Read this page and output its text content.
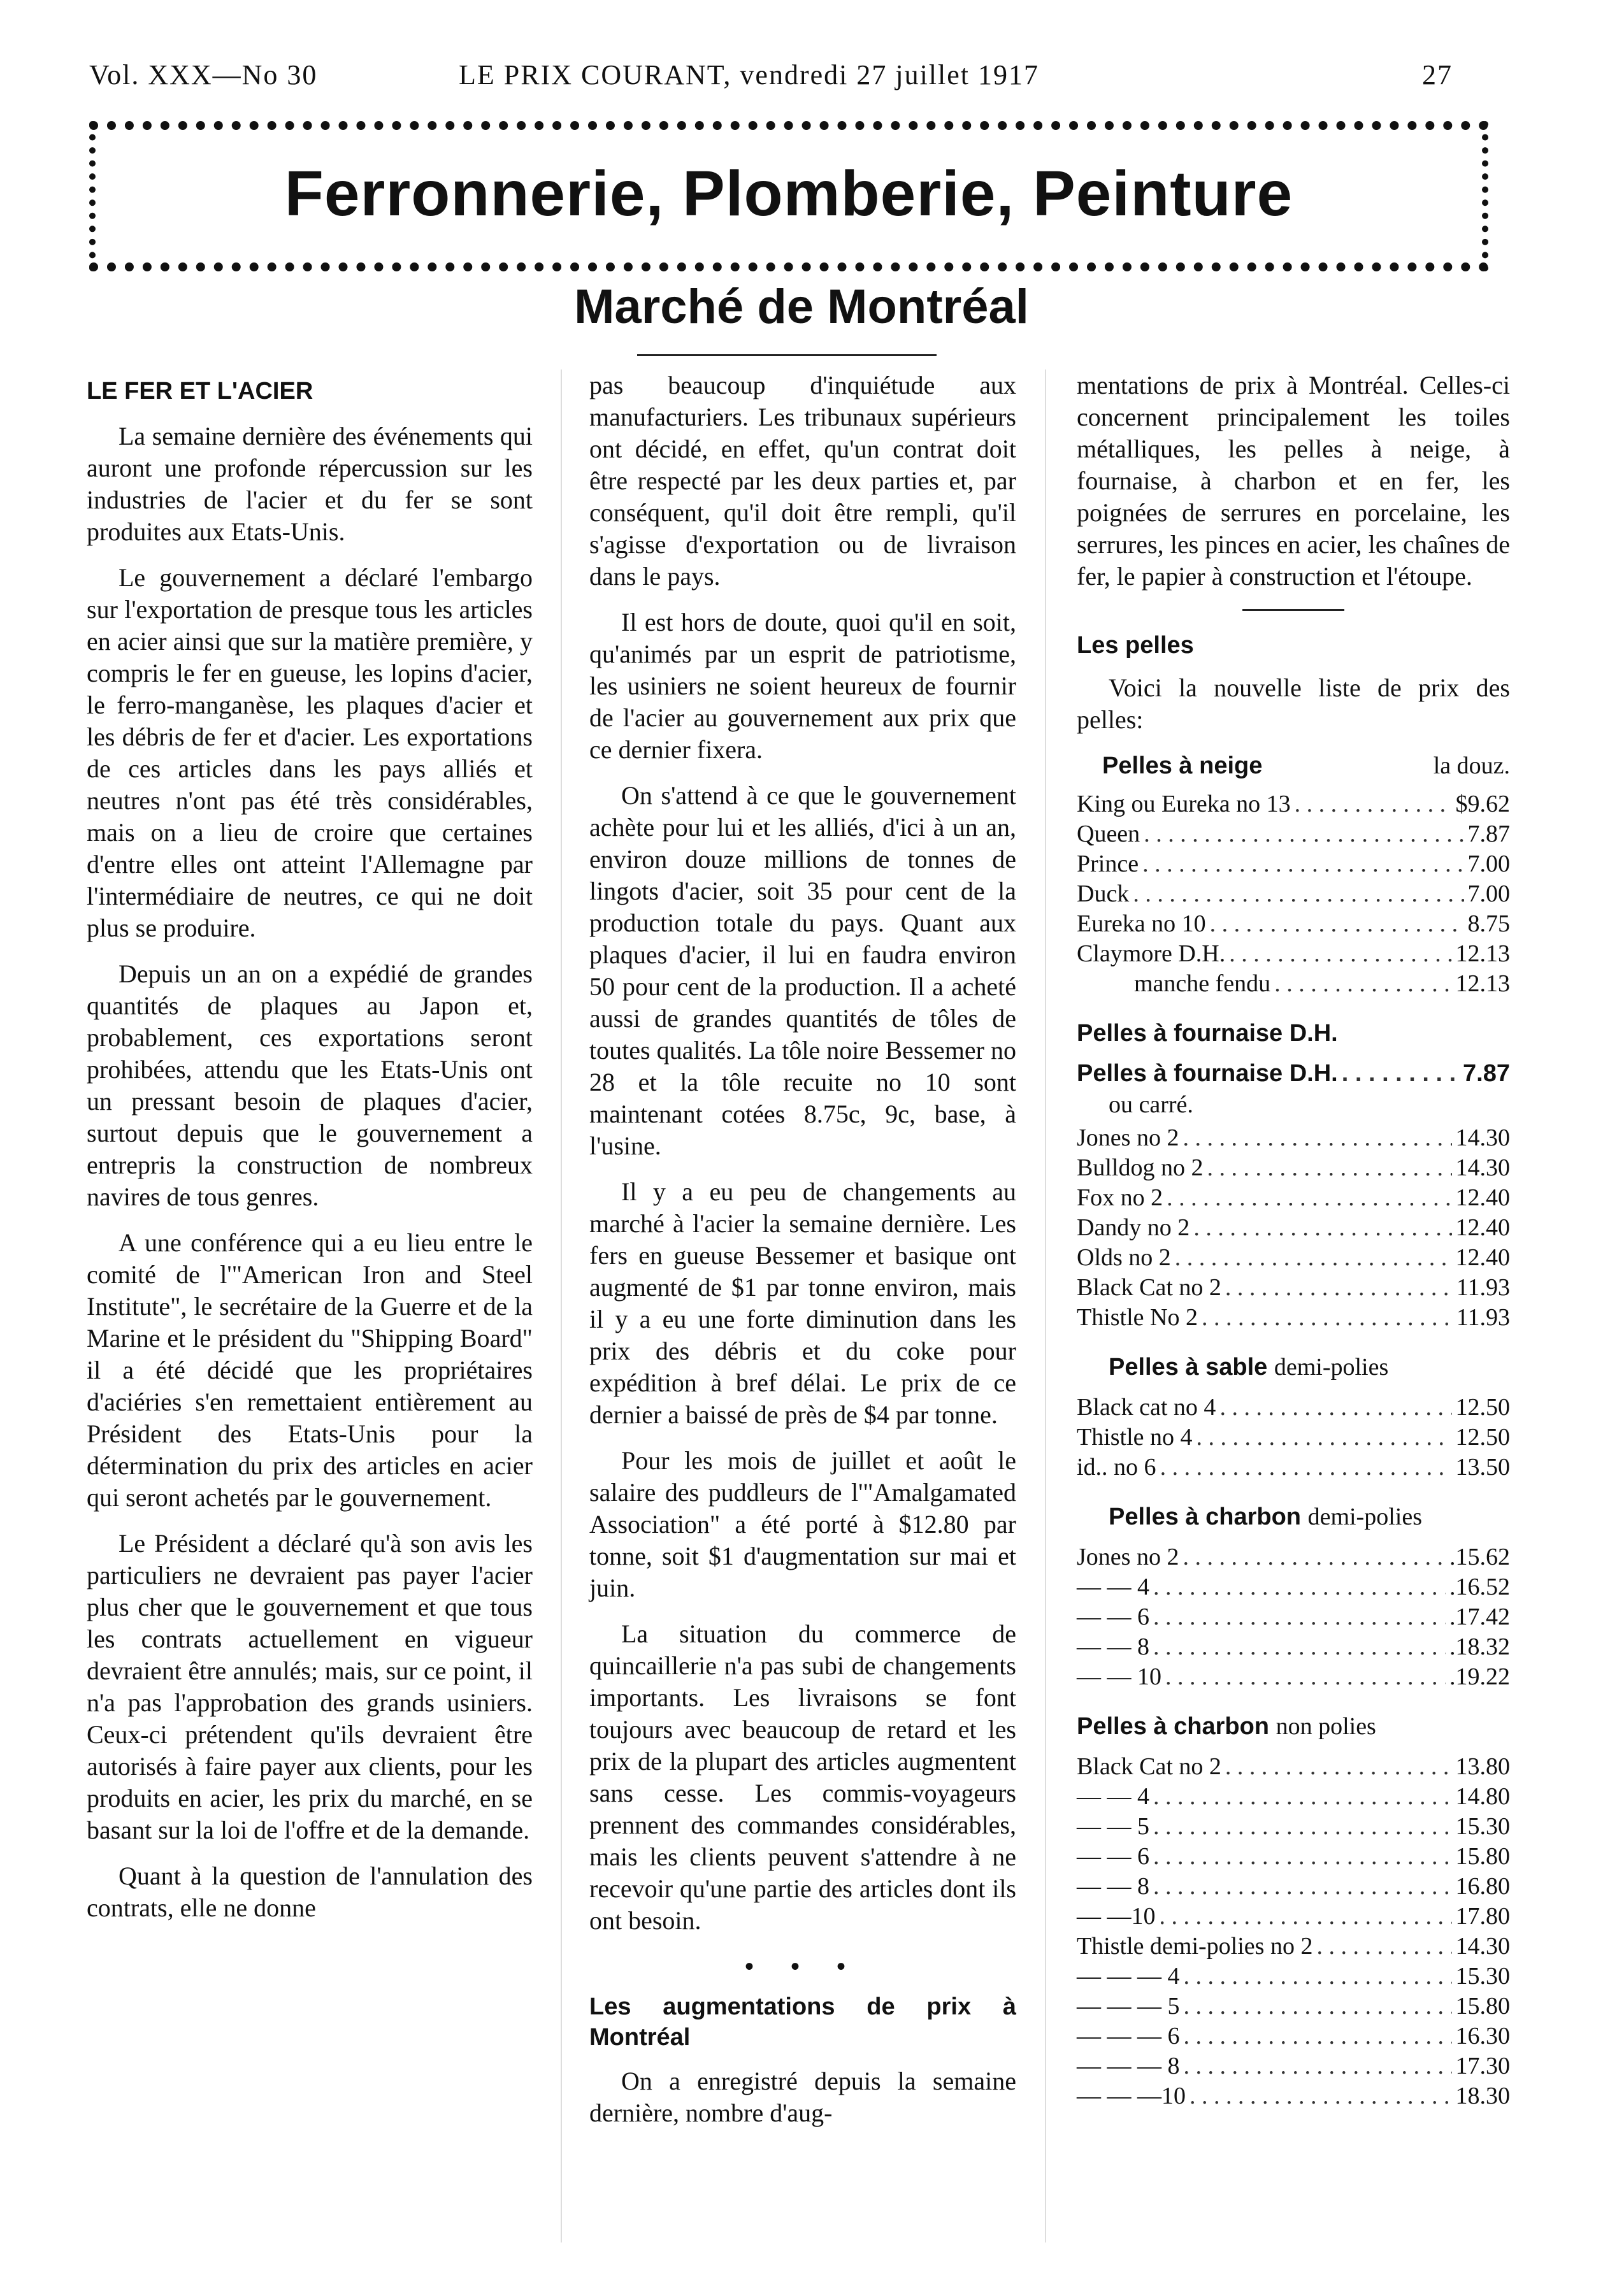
Vol. XXX—No 30	LE PRIX COURANT, vendredi 27 juillet 1917	27
Ferronnerie, Plomberie, Peinture
Marché de Montréal
LE FER ET L'ACIER

La semaine dernière des événements qui auront une profonde répercussion sur les industries de l'acier et du fer se sont produites aux Etats-Unis.

Le gouvernement a déclaré l'embargo sur l'exportation de presque tous les articles en acier ainsi que sur la matière première, y compris le fer en gueuse, les lopins d'acier, le ferro-manganèse, les plaques d'acier et les débris de fer et d'acier. Les exportations de ces articles dans les pays alliés et neutres n'ont pas été très considérables, mais on a lieu de croire que certaines d'entre elles ont atteint l'Allemagne par l'intermédiaire de neutres, ce qui ne doit plus se produire.

Depuis un an on a expédié de grandes quantités de plaques au Japon et, probablement, ces exportations seront prohibées, attendu que les Etats-Unis ont un pressant besoin de plaques d'acier, surtout depuis que le gouvernement a entrepris la construction de nombreux navires de tous genres.

A une conférence qui a eu lieu entre le comité de l'"American Iron and Steel Institute", le secrétaire de la Guerre et de la Marine et le président du "Shipping Board" il a été décidé que les propriétaires d'aciéries s'en remettaient entièrement au Président des Etats-Unis pour la détermination du prix des articles en acier qui seront achetés par le gouvernement.

Le Président a déclaré qu'à son avis les particuliers ne devraient pas payer l'acier plus cher que le gouvernement et que tous les contrats actuellement en vigueur devraient être annulés; mais, sur ce point, il n'a pas l'approbation des grands usiniers. Ceux-ci prétendent qu'ils devraient être autorisés à faire payer aux clients, pour les produits en acier, les prix du marché, en se basant sur la loi de l'offre et de la demande.

Quant à la question de l'annulation des contrats, elle ne donne

pas beaucoup d'inquiétude aux manufacturiers. Les tribunaux supérieurs ont décidé, en effet, qu'un contrat doit être respecté par les deux parties et, par conséquent, qu'il doit être rempli, qu'il s'agisse d'exportation ou de livraison dans le pays.

Il est hors de doute, quoi qu'il en soit, qu'animés par un esprit de patriotisme, les usiniers ne soient heureux de fournir de l'acier au gouvernement aux prix que ce dernier fixera.

On s'attend à ce que le gouvernement achète pour lui et les alliés, d'ici à un an, environ douze millions de tonnes de lingots d'acier, soit 35 pour cent de la production totale du pays. Quant aux plaques d'acier, il lui en faudra environ 50 pour cent de la production. Il a acheté aussi de grandes quantités de tôles de toutes qualités. La tôle noire Bessemer no 28 et la tôle recuite no 10 sont maintenant cotées 8.75c, 9c, base, à l'usine.

Il y a eu peu de changements au marché à l'acier la semaine dernière. Les fers en gueuse Bessemer et basique ont augmenté de $1 par tonne environ, mais il y a eu une forte diminution dans les prix des débris et du coke pour expédition à bref délai. Le prix de ce dernier a baissé de près de $4 par tonne.

Pour les mois de juillet et août le salaire des puddleurs de l'"Amalgamated Association" a été porté à $12.80 par tonne, soit $1 d'augmentation sur mai et juin.

La situation du commerce de quincaillerie n'a pas subi de changements importants. Les livraisons se font toujours avec beaucoup de retard et les prix de la plupart des articles augmentent sans cesse. Les commis-voyageurs prennent des commandes considérables, mais les clients peuvent s'attendre à ne recevoir qu'une partie des articles dont ils ont besoin.

• • •
Les augmentations de prix à Montréal

On a enregistré depuis la semaine dernière, nombre d'aug-

mentations de prix à Montréal. Celles-ci concernent principalement les toiles métalliques, les pelles à neige, à fournaise, à charbon et en fer, les poignées de serrures en porcelaine, les serrures, les pinces en acier, les chaînes de fer, le papier à construction et l'étoupe.

Les pelles

Voici la nouvelle liste de prix des pelles:

Pelles à neige	la douz.
King ou Eureka no 13 . . .	$9.62
Queen . . .	7.87
Prince . . .	7.00
Duck . . .	7.00
Eureka no 10 . . .	8.75
Claymore D.H. . . .	12.13
manche fendu . . .	12.13
Pelles à fournaise D.H.
Pelles à fournaise D.H. . . .	7.87
ou carré.
Jones no 2 . . .	14.30
Bulldog no 2 . . .	14.30
Fox no 2 . . .	12.40
Dandy no 2 . . .	12.40
Olds no 2 . . .	12.40
Black Cat no 2 . . .	11.93
Thistle No 2 . . .	11.93
Pelles à sable demi-polies
Black cat no 4 . . .	12.50
Thistle no 4 . . .	12.50
id.. no 6 . . .	13.50
Pelles à charbon demi-polies
Jones no 2 . . .	.15.62
— — 4 . . .	.16.52
— — 6 . . .	.17.42
— — 8 . . .	.18.32
— — 10 . . .	.19.22
Pelles à charbon non polies
Black Cat no 2 . . .	13.80
— — 4 . . .	14.80
— — 5 . . .	15.30
— — 6 . . .	15.80
— — 8 . . .	16.80
— —10 . . .	17.80
Thistle demi-polies no 2 . . .	14.30
— — — 4 . . .	15.30
— — — 5 . . .	15.80
— — — 6 . . .	16.30
— — — 8 . . .	17.30
— — —10 . . .	18.30
